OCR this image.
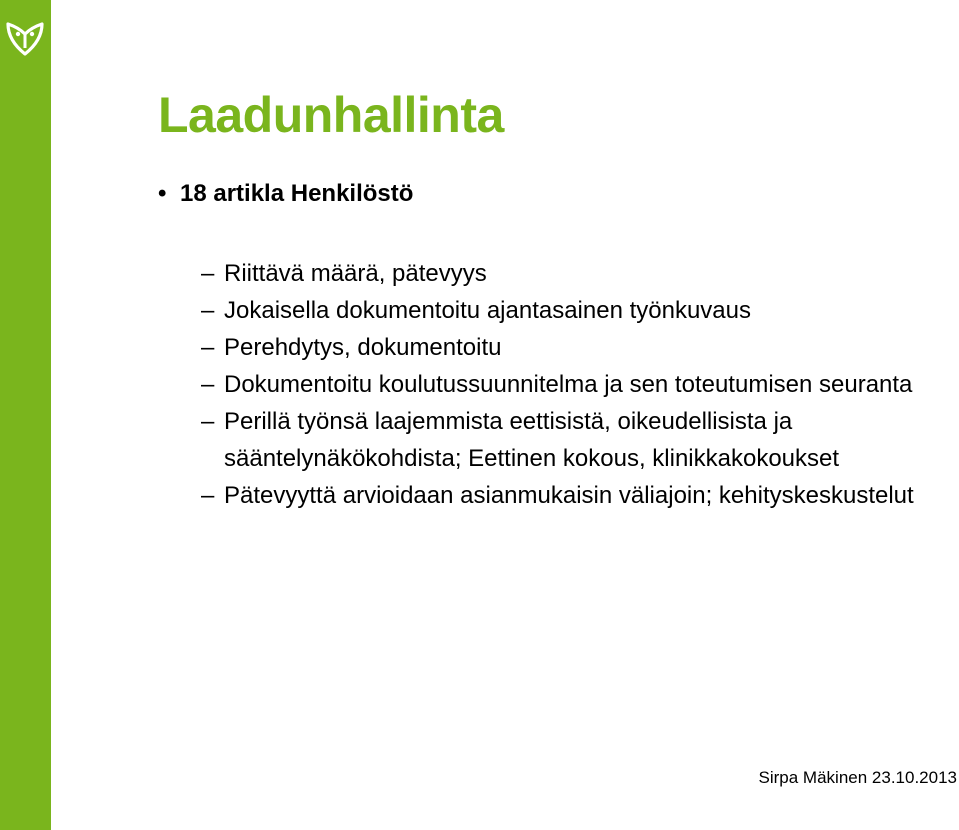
Laadunhallinta
• 18 artikla Henkilöstö
– Riittävä määrä, pätevyys
– Jokaisella dokumentoitu ajantasainen työnkuvaus
– Perehdytys, dokumentoitu
– Dokumentoitu koulutussuunnitelma ja sen toteutumisen seuranta
– Perillä työnsä laajemmista eettisistä, oikeudellisista ja sääntelynäkökohdista; Eettinen kokous, klinikkakokoukset
– Pätevyyttä arvioidaan asianmukaisin väliajoin; kehityskeskustelut
Sirpa Mäkinen 23.10.2013
